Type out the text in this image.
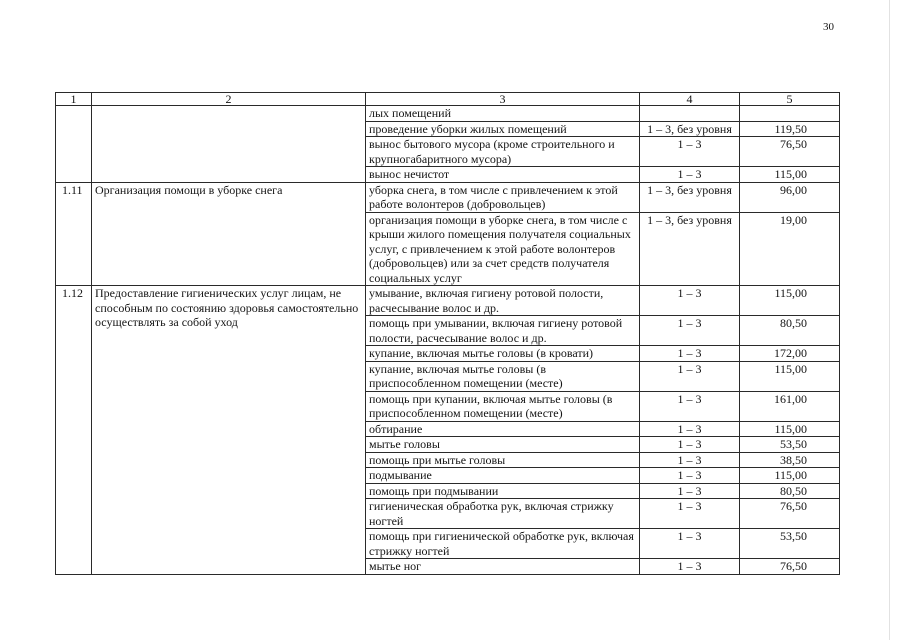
30
1	2	3	4	5
		лых помещений		
		проведение уборки жилых помещений	1 – 3, без уровня	119,50
		вынос бытового мусора (кроме строительного и крупногабаритного мусора)	1 – 3	76,50
		вынос нечистот	1 – 3	115,00
1.11	Организация помощи в уборке снега	уборка снега, в том числе с привлечением к этой работе волонтеров (добровольцев)	1 – 3, без уровня	96,00
		организация помощи в уборке снега, в том числе с крыши жилого помещения получателя социальных услуг, с привлечением к этой работе волонтеров (добровольцев) или за счет средств получателя социальных услуг	1 – 3, без уровня	19,00
1.12	Предоставление гигиенических услуг лицам, не способным по состоянию здоровья самостоятельно осуществлять за собой уход	умывание, включая гигиену ротовой полости, расчесывание волос и др.	1 – 3	115,00
		помощь при умывании, включая гигиену ротовой полости, расчесывание волос и др.	1 – 3	80,50
		купание, включая мытье головы (в кровати)	1 – 3	172,00
		купание, включая мытье головы (в приспособленном помещении (месте)	1 – 3	115,00
		помощь при купании, включая мытье головы (в приспособленном помещении (месте)	1 – 3	161,00
		обтирание	1 – 3	115,00
		мытье головы	1 – 3	53,50
		помощь при мытье головы	1 – 3	38,50
		подмывание	1 – 3	115,00
		помощь при подмывании	1 – 3	80,50
		гигиеническая обработка рук, включая стрижку ногтей	1 – 3	76,50
		помощь при гигиенической обработке рук, включая стрижку ногтей	1 – 3	53,50
		мытье ног	1 – 3	76,50
